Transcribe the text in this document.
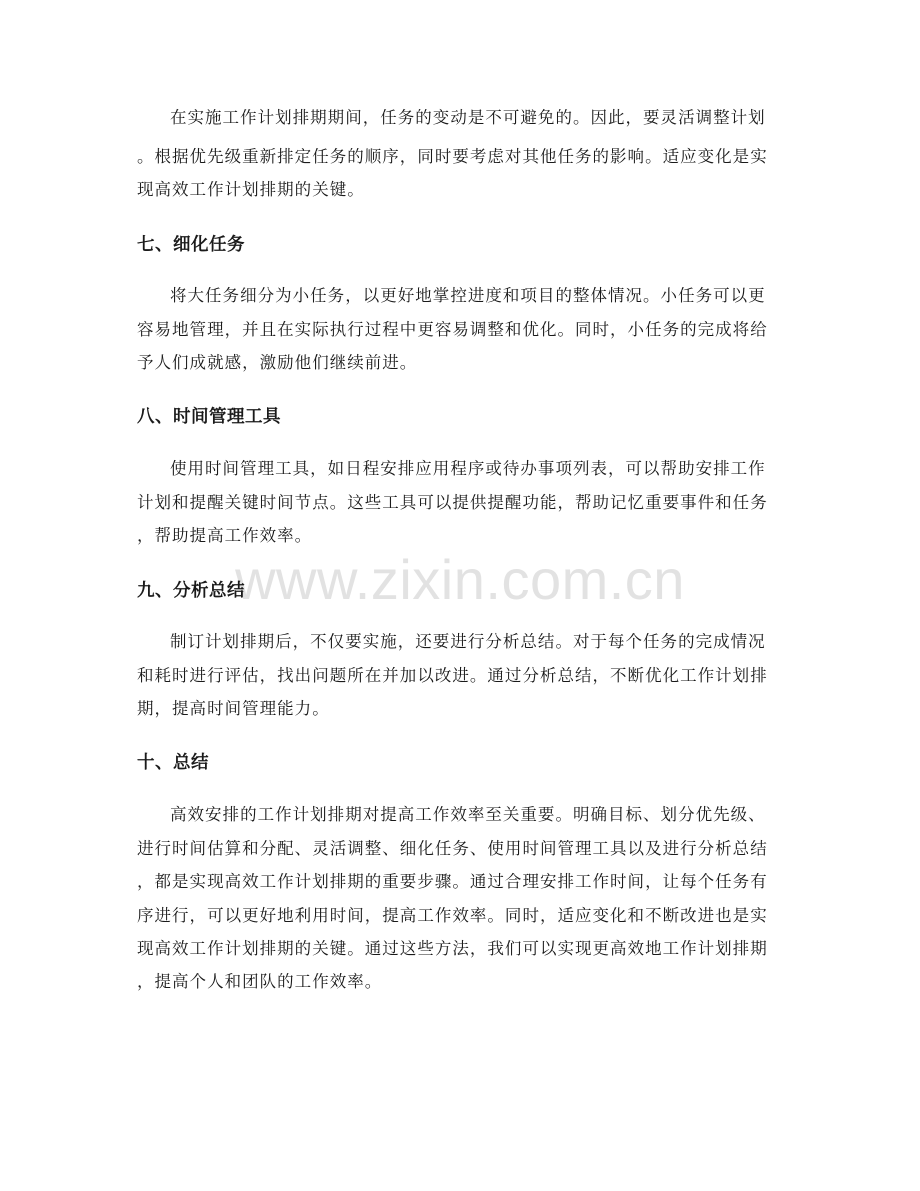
在实施工作计划排期期间，任务的变动是不可避免的。因此，要灵活调整计划
。根据优先级重新排定任务的顺序，同时要考虑对其他任务的影响。适应变化是实
现高效工作计划排期的关键。
七、细化任务
将大任务细分为小任务，以更好地掌控进度和项目的整体情况。小任务可以更
容易地管理，并且在实际执行过程中更容易调整和优化。同时，小任务的完成将给
予人们成就感，激励他们继续前进。
八、时间管理工具
使用时间管理工具，如日程安排应用程序或待办事项列表，可以帮助安排工作
计划和提醒关键时间节点。这些工具可以提供提醒功能，帮助记忆重要事件和任务
，帮助提高工作效率。
www.zixin.com.cn
九、分析总结
制订计划排期后，不仅要实施，还要进行分析总结。对于每个任务的完成情况
和耗时进行评估，找出问题所在并加以改进。通过分析总结，不断优化工作计划排
期，提高时间管理能力。
十、总结
高效安排的工作计划排期对提高工作效率至关重要。明确目标、划分优先级、
进行时间估算和分配、灵活调整、细化任务、使用时间管理工具以及进行分析总结
，都是实现高效工作计划排期的重要步骤。通过合理安排工作时间，让每个任务有
序进行，可以更好地利用时间，提高工作效率。同时，适应变化和不断改进也是实
现高效工作计划排期的关键。通过这些方法，我们可以实现更高效地工作计划排期
，提高个人和团队的工作效率。
